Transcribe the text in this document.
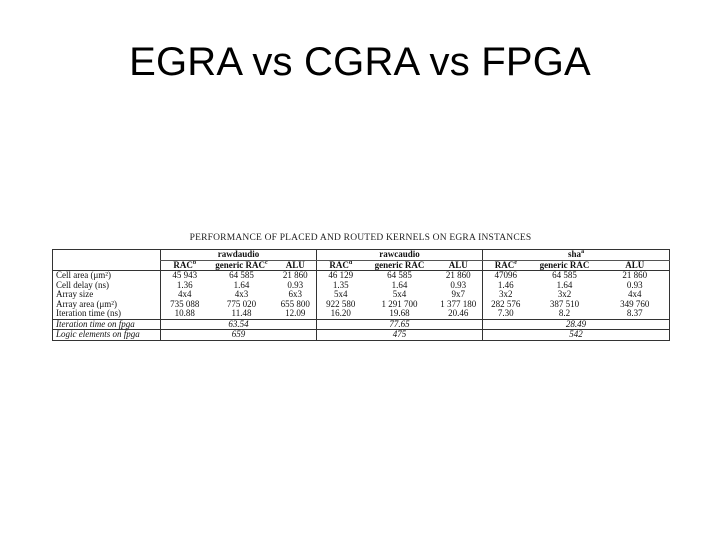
EGRA vs CGRA vs FPGA
PERFORMANCE OF PLACED AND ROUTED KERNELS ON EGRA INSTANCES
	rawdaudio			rawcaudio			sha$^a$
	RAC$^b$	generic RAC$^c$	ALU	RAC$^d$	generic RAC	ALU	RAC$^e$	generic RAC	ALU
Cell area (μm²)	45 943	64 585	21 860	46 129	64 585	21 860	47096	64 585	21 860
Cell delay (ns)	1.36	1.64	0.93	1.35	1.64	0.93	1.46	1.64	0.93
Array size	4x4	4x3	6x3	5x4	5x4	9x7	3x2	3x2	4x4
Array area (μm²)	735 088	775 020	655 800	922 580	1 291 700	1 377 180	282 576	387 510	349 760
Iteration time (ns)	10.88	11.48	12.09	16.20	19.68	20.46	7.30	8.2	8.37
Iteration time on fpga	63.54			77.65			28.49		
Logic elements on fpga	659			475			542		
